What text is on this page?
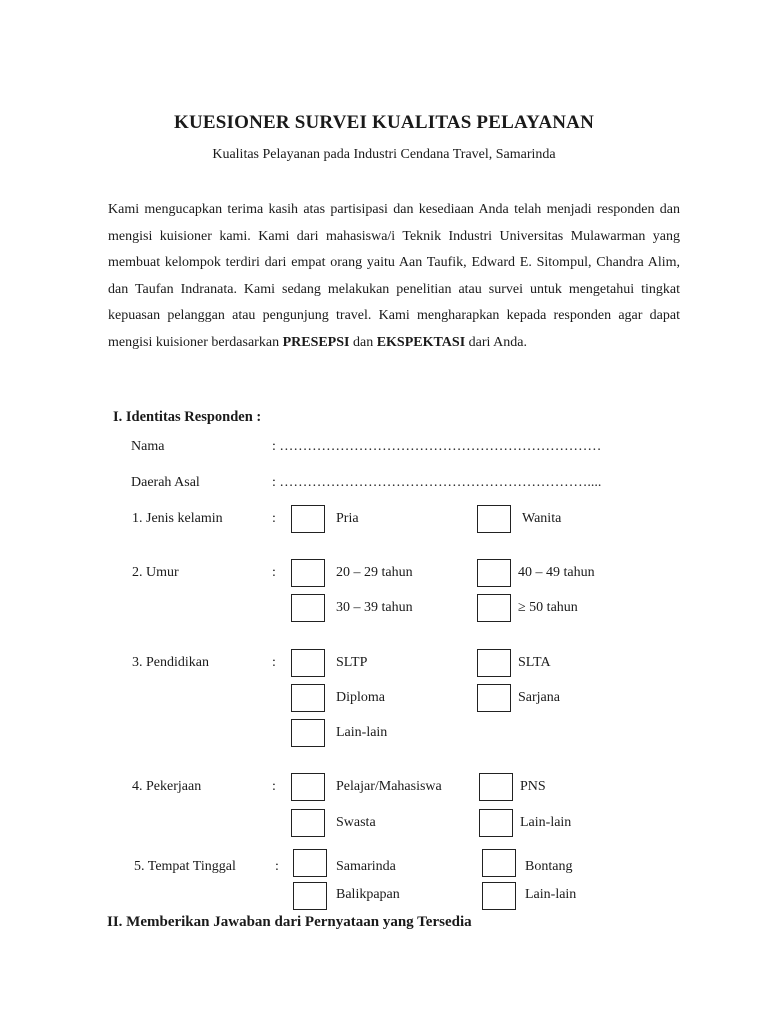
KUESIONER SURVEI KUALITAS PELAYANAN
Kualitas Pelayanan pada Industri Cendana Travel, Samarinda

Kami mengucapkan terima kasih atas partisipasi dan kesediaan Anda telah menjadi responden dan mengisi kuisioner kami. Kami dari mahasiswa/i Teknik Industri Universitas Mulawarman yang membuat kelompok terdiri dari empat orang yaitu Aan Taufik, Edward E. Sitompul, Chandra Alim, dan Taufan Indranata. Kami sedang melakukan penelitian atau survei untuk mengetahui tingkat kepuasan pelanggan atau pengunjung travel. Kami mengharapkan kepada responden agar dapat mengisi kuisioner berdasarkan PRESEPSI dan EKSPEKTASI dari Anda.

I. Identitas Responden :
Nama	: ……………………………………………………………
Daerah Asal	: …………………………………………………………....
1. Jenis kelamin	:	Pria	Wanita
2. Umur	:	20 – 29 tahun	40 – 49 tahun
30 – 39 tahun	≥ 50 tahun
3. Pendidikan	:	SLTP	SLTA
Diploma	Sarjana
Lain-lain
4. Pekerjaan	:	Pelajar/Mahasiswa	PNS
Swasta	Lain-lain
5. Tempat Tinggal	:	Samarinda	Bontang
Balikpapan	Lain-lain
II. Memberikan Jawaban dari Pernyataan yang Tersedia
